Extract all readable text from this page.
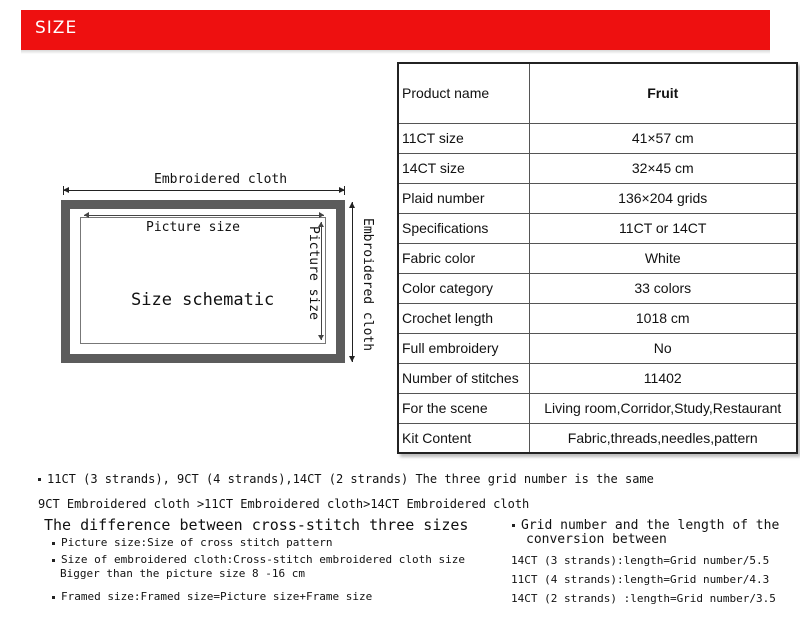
SIZE
Embroidered cloth
Picture size	Picture size
Size schematic	Embroidered cloth
Product name	Fruit
11CT size	41×57 cm
14CT size	32×45 cm
Plaid number	136×204 grids
Specifications	11CT or 14CT
Fabric color	White
Color category	33 colors
Crochet length	1018 cm
Full embroidery	No
Number of stitches	11402
For the scene	Living room,Corridor,Study,Restaurant
Kit Content	Fabric,threads,needles,pattern
11CT (3 strands), 9CT (4 strands),14CT (2 strands) The three grid number is the same
9CT Embroidered cloth >11CT Embroidered cloth>14CT Embroidered cloth
The difference between cross-stitch three sizes
Picture size:Size of cross stitch pattern
Size of embroidered cloth:Cross-stitch embroidered cloth size
Bigger than the picture size 8 -16 cm
Framed size:Framed size=Picture size+Frame size
Grid number and the length of the
conversion between
14CT (3 strands):length=Grid number/5.5
11CT (4 strands):length=Grid number/4.3
14CT (2 strands) :length=Grid number/3.5
